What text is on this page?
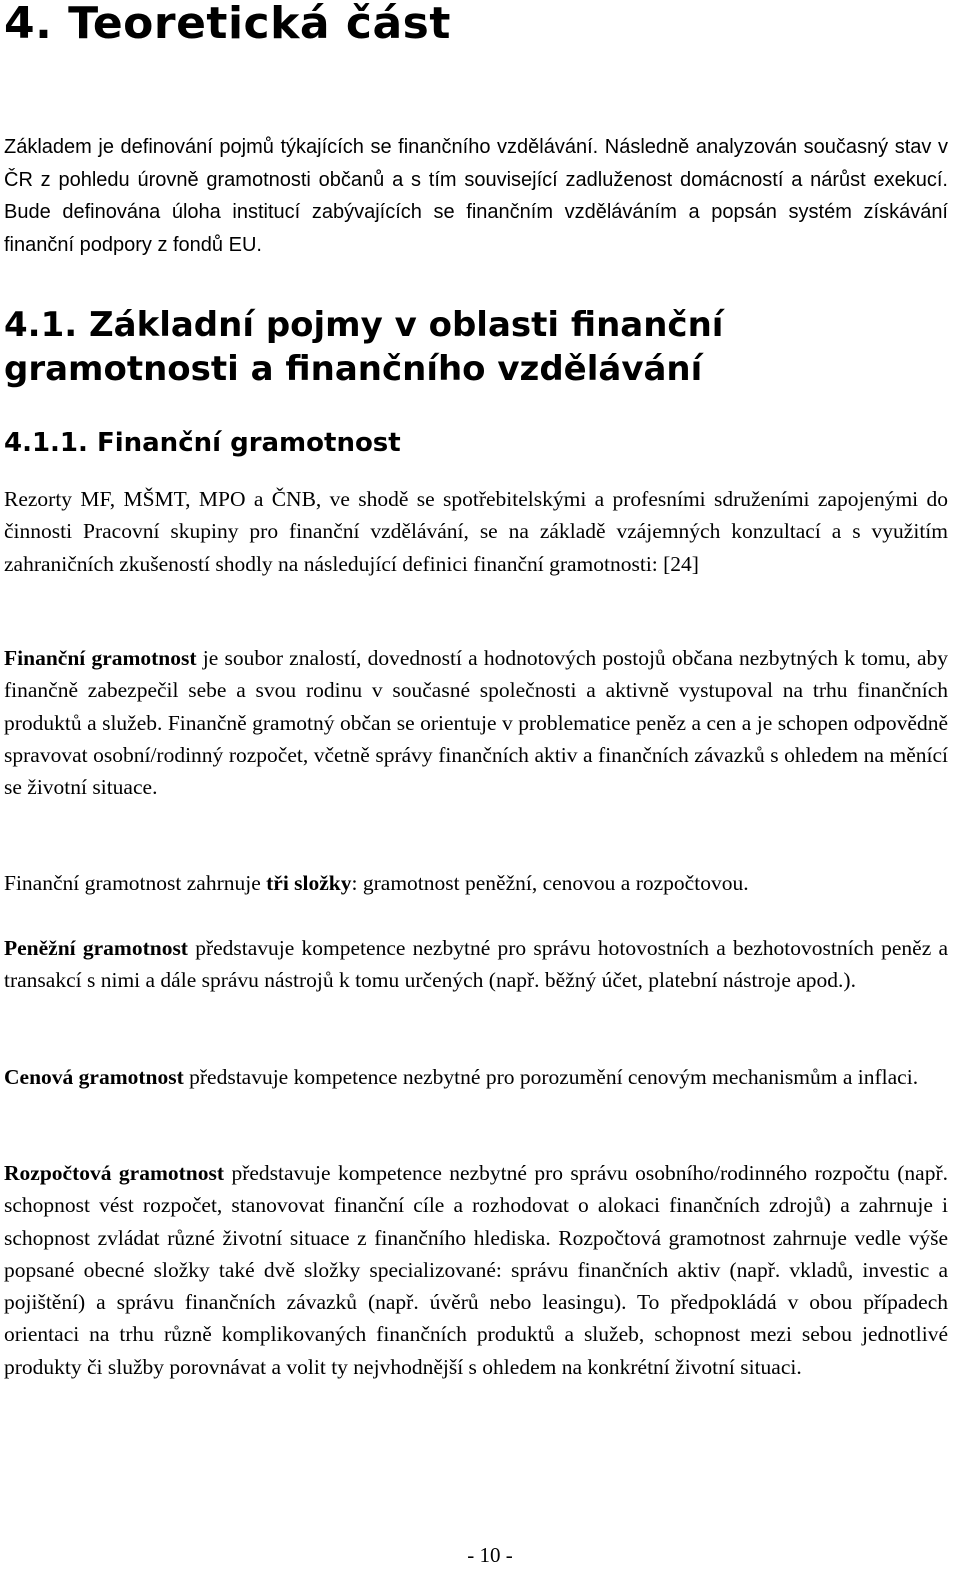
4. Teoretická část

Základem je definování pojmů týkajících se finančního vzdělávání. Následně analyzován současný stav v ČR z pohledu úrovně gramotnosti občanů a s tím související zadluženost domácností a nárůst exekucí. Bude definována úloha institucí zabývajících se finančním vzděláváním a popsán systém získávání finanční podpory z fondů EU.

4.1. Základní pojmy v oblasti finanční gramotnosti a finančního vzdělávání
4.1.1. Finanční gramotnost

Rezorty MF, MŠMT, MPO a ČNB, ve shodě se spotřebitelskými a profesními sdruženími zapojenými do činnosti Pracovní skupiny pro finanční vzdělávání, se na základě vzájemných konzultací a s využitím zahraničních zkušeností shodly na následující definici finanční gramotnosti: [24]

Finanční gramotnost je soubor znalostí, dovedností a hodnotových postojů občana nezbytných k tomu, aby finančně zabezpečil sebe a svou rodinu v současné společnosti a aktivně vystupoval na trhu finančních produktů a služeb. Finančně gramotný občan se orientuje v problematice peněz a cen a je schopen odpovědně spravovat osobní/rodinný rozpočet, včetně správy finančních aktiv a finančních závazků s ohledem na měnící se životní situace.

Finanční gramotnost zahrnuje tři složky: gramotnost peněžní, cenovou a rozpočtovou.

Peněžní gramotnost představuje kompetence nezbytné pro správu hotovostních a bezhotovostních peněz a transakcí s nimi a dále správu nástrojů k tomu určených (např. běžný účet, platební nástroje apod.).

Cenová gramotnost představuje kompetence nezbytné pro porozumění cenovým mechanismům a inflaci.

Rozpočtová gramotnost představuje kompetence nezbytné pro správu osobního/rodinného rozpočtu (např. schopnost vést rozpočet, stanovovat finanční cíle a rozhodovat o alokaci finančních zdrojů) a zahrnuje i schopnost zvládat různé životní situace z finančního hlediska. Rozpočtová gramotnost zahrnuje vedle výše popsané obecné složky také dvě složky specializované: správu finančních aktiv (např. vkladů, investic a pojištění) a správu finančních závazků (např. úvěrů nebo leasingu). To předpokládá v obou případech orientaci na trhu různě komplikovaných finančních produktů a služeb, schopnost mezi sebou jednotlivé produkty či služby porovnávat a volit ty nejvhodnější s ohledem na konkrétní životní situaci.

- 10 -
